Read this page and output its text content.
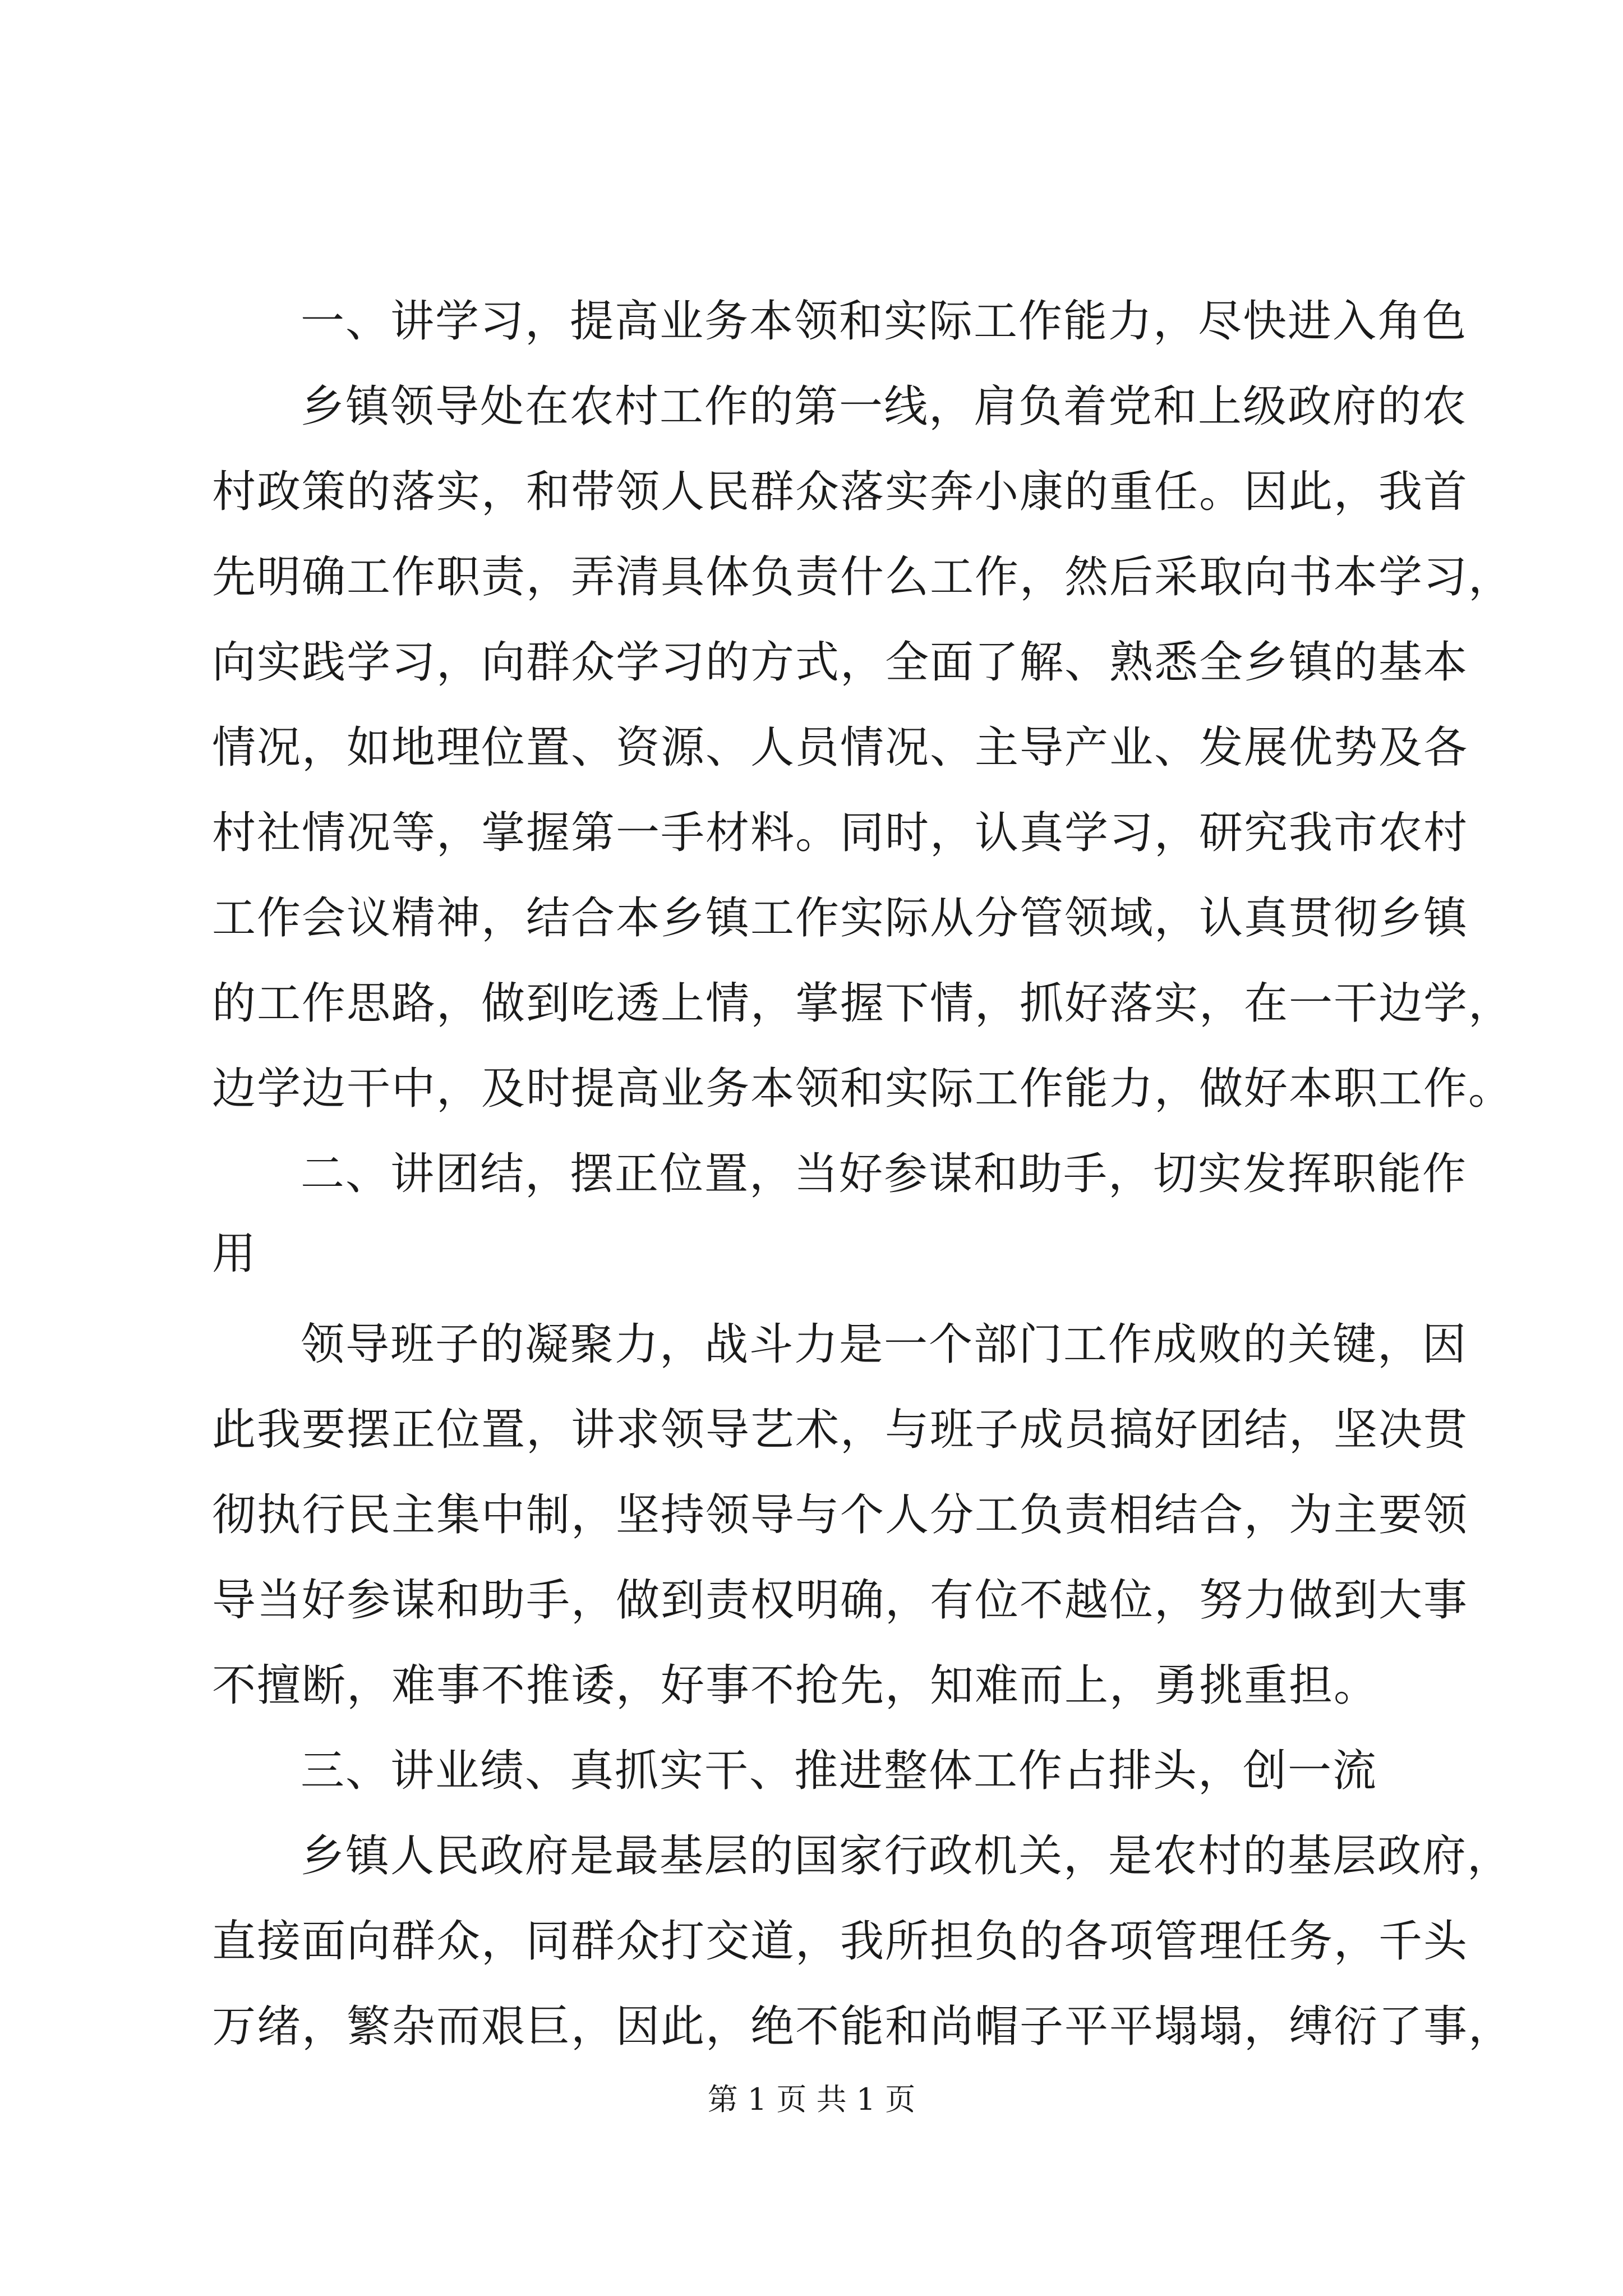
一、讲学习，提高业务本领和实际工作能力，尽快进入角色
乡镇领导处在农村工作的第一线，肩负着党和上级政府的农
村政策的落实，和带领人民群众落实奔小康的重任。因此，我首
先明确工作职责，弄清具体负责什么工作，然后采取向书本学习，
向实践学习，向群众学习的方式，全面了解、熟悉全乡镇的基本
情况，如地理位置、资源、人员情况、主导产业、发展优势及各
村社情况等，掌握第一手材料。同时，认真学习，研究我市农村
工作会议精神，结合本乡镇工作实际从分管领域，认真贯彻乡镇
的工作思路，做到吃透上情，掌握下情，抓好落实，在一干边学，
边学边干中，及时提高业务本领和实际工作能力，做好本职工作。
二、讲团结，摆正位置，当好参谋和助手，切实发挥职能作
用
领导班子的凝聚力，战斗力是一个部门工作成败的关键，因
此我要摆正位置，讲求领导艺术，与班子成员搞好团结，坚决贯
彻执行民主集中制，坚持领导与个人分工负责相结合，为主要领
导当好参谋和助手，做到责权明确，有位不越位，努力做到大事
不擅断，难事不推诿，好事不抢先，知难而上，勇挑重担。
三、讲业绩、真抓实干、推进整体工作占排头，创一流
乡镇人民政府是最基层的国家行政机关，是农村的基层政府，
直接面向群众，同群众打交道，我所担负的各项管理任务，千头
万绪，繁杂而艰巨，因此，绝不能和尚帽子平平塌塌，缚衍了事，
第 1 页 共 1 页
